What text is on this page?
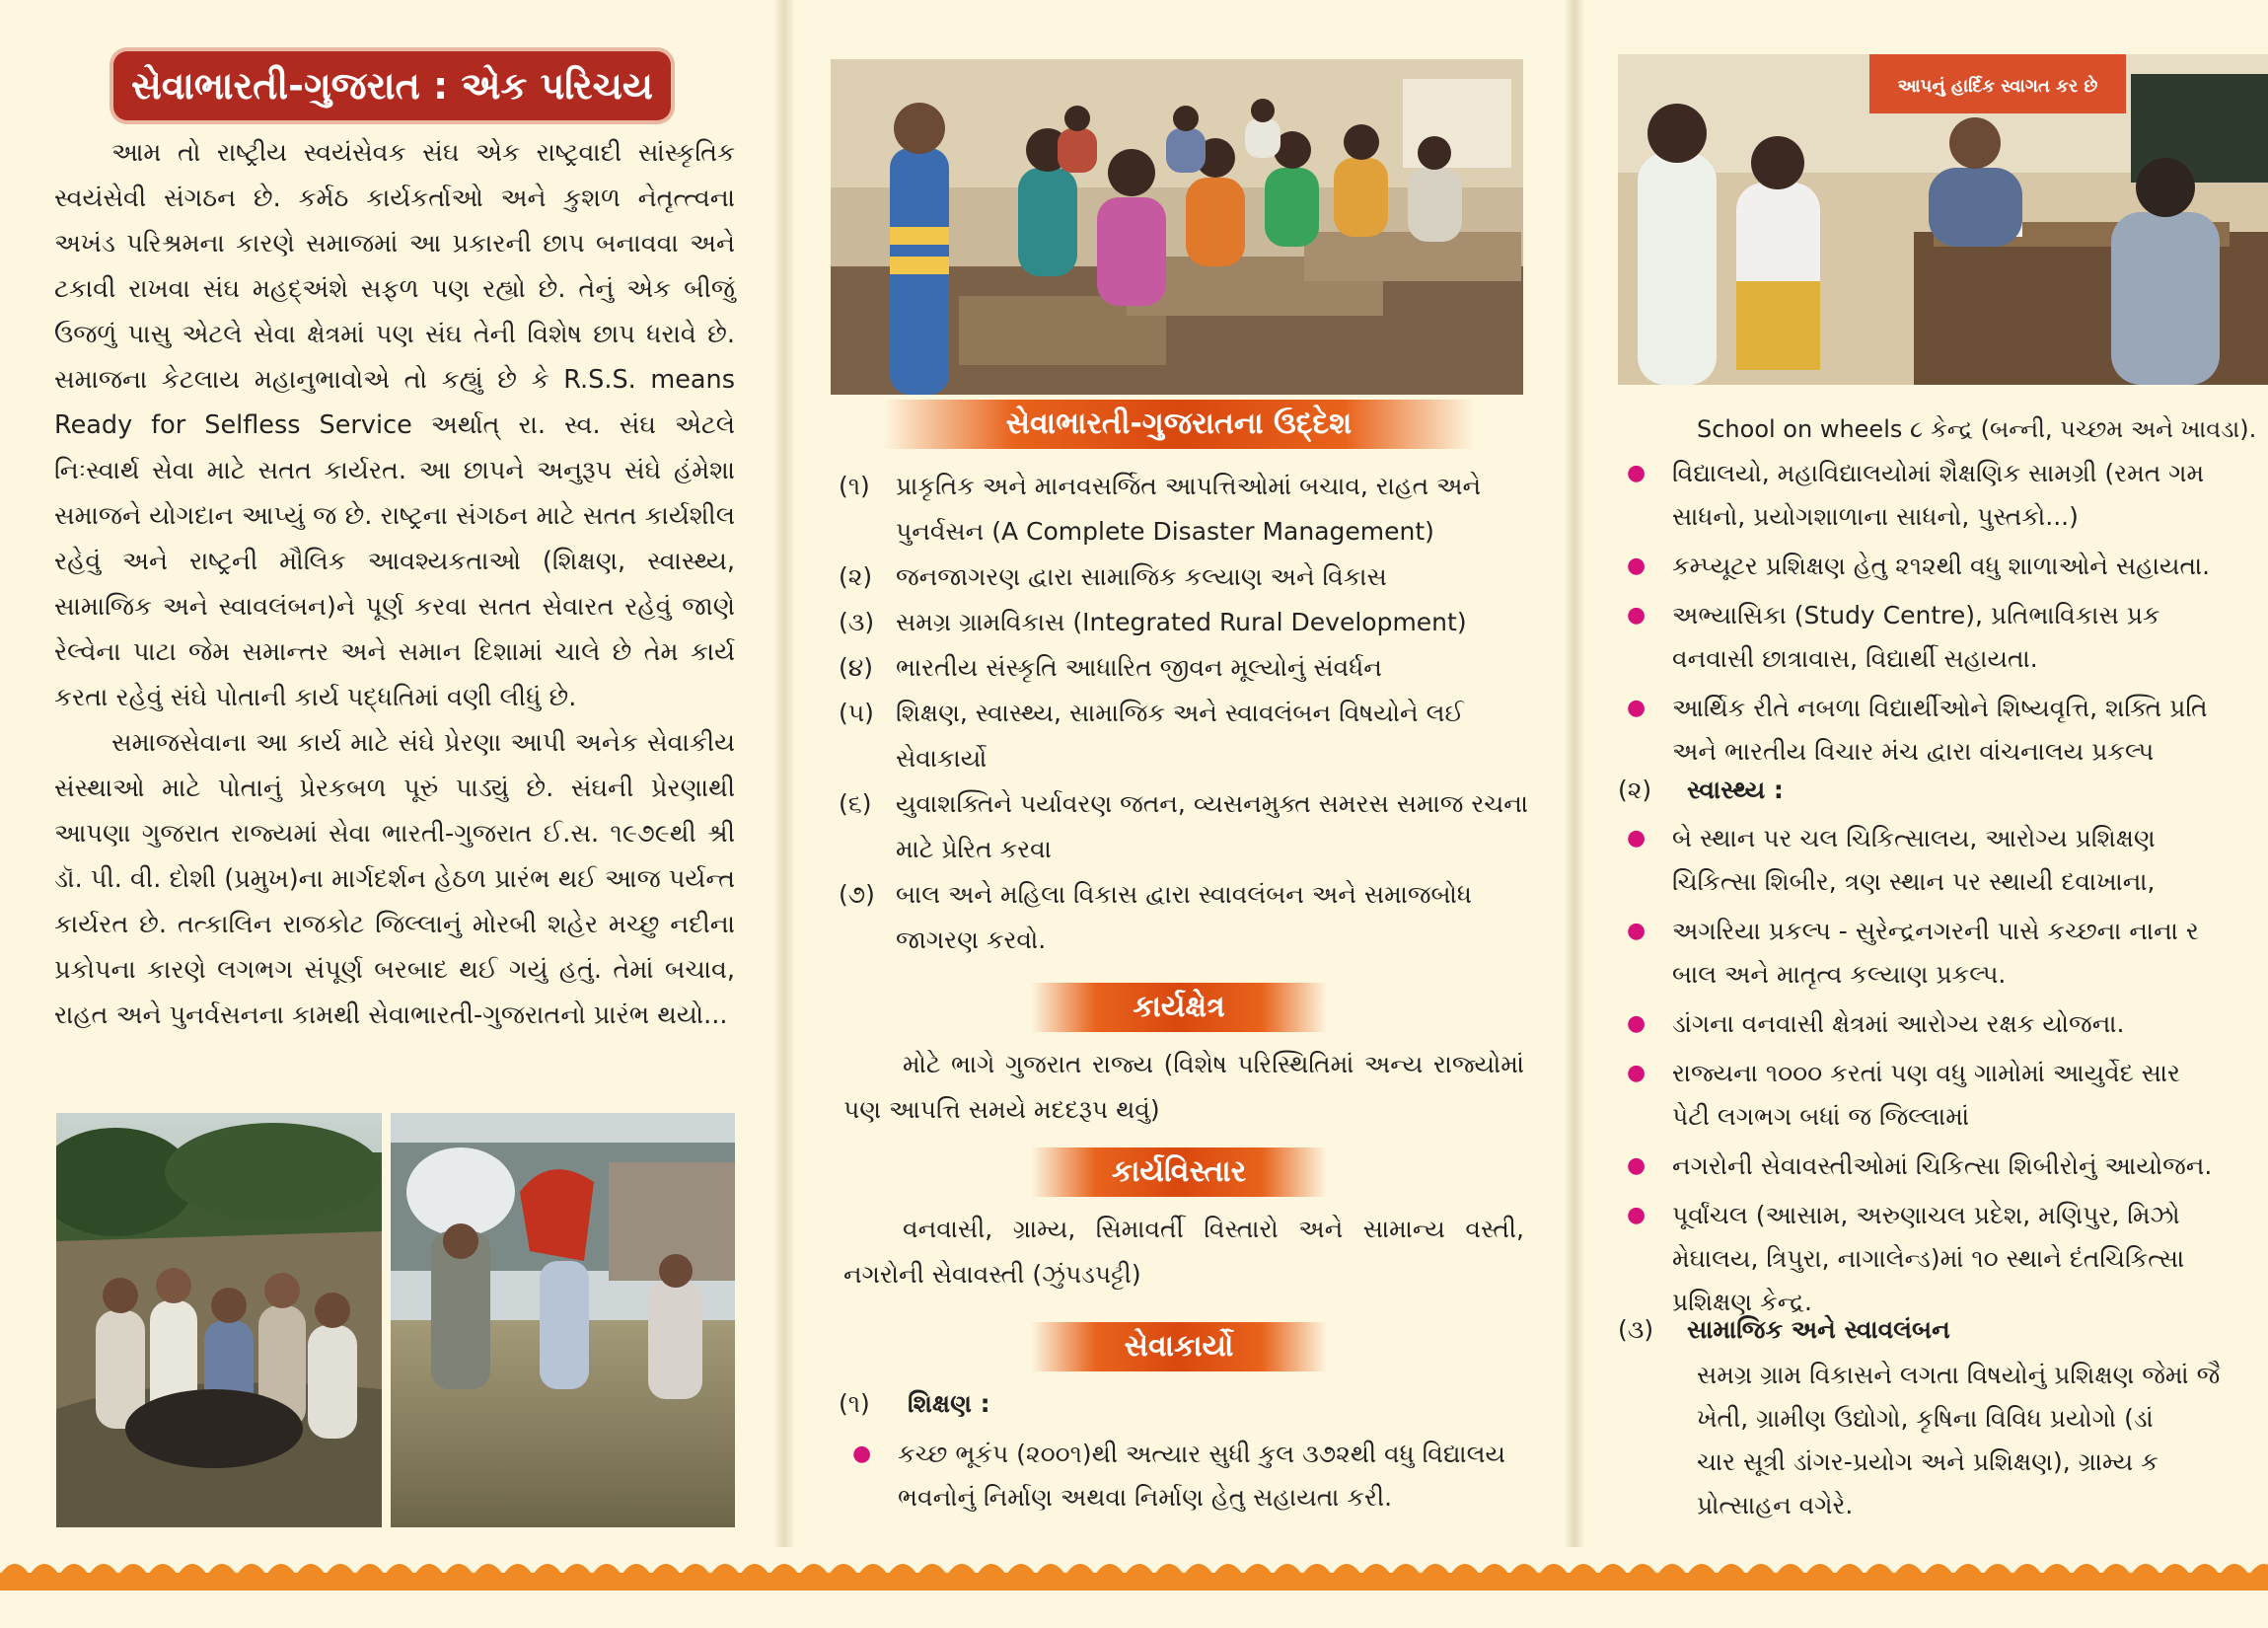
સેવાભારતી-ગુજરાત : એક પરિચય

આમ તો રાષ્ટ્રીય સ્વયંસેવક સંઘ એક રાષ્ટ્રવાદી સાંસ્કૃતિક સ્વયંસેવી સંગઠન છે. કર્મઠ કાર્યકર્તાઓ અને કુશળ નેતૃત્ત્વના અખંડ પરિશ્રમના કારણે સમાજમાં આ પ્રકારની છાપ બનાવવા અને ટકાવી રાખવા સંઘ મહદ્અંશે સફળ પણ રહ્યો છે. તેનું એક બીજું ઉજળું પાસુ એટલે સેવા ક્ષેત્રમાં પણ સંઘ તેની વિશેષ છાપ ધરાવે છે. સમાજના કેટલાય મહાનુભાવોએ તો કહ્યું છે કે R.S.S. means Ready for Selfless Service અર્થાત્ રા. સ્વ. સંઘ એટલે નિઃસ્વાર્થ સેવા માટે સતત કાર્યરત. આ છાપને અનુરૂપ સંઘે હંમેશા સમાજને યોગદાન આપ્યું જ છે. રાષ્ટ્રના સંગઠન માટે સતત કાર્યશીલ રહેવું અને રાષ્ટ્રની મૌલિક આવશ્યકતાઓ (શિક્ષણ, સ્વાસ્થ્ય, સામાજિક અને સ્વાવલંબન)ને પૂર્ણ કરવા સતત સેવારત રહેવું જાણે રેલ્વેના પાટા જેમ સમાન્તર અને સમાન દિશામાં ચાલે છે તેમ કાર્ય કરતા રહેવું સંઘે પોતાની કાર્ય પદ્ધતિમાં વણી લીધું છે.

સમાજસેવાના આ કાર્ય માટે સંઘે પ્રેરણા આપી અનેક સેવાકીય સંસ્થાઓ માટે પોતાનું પ્રેરકબળ પૂરું પાડ્યું છે. સંઘની પ્રેરણાથી આપણા ગુજરાત રાજ્યમાં સેવા ભારતી-ગુજરાત ઈ.સ. ૧૯૭૯થી શ્રી ડૉ. પી. વી. દોશી (પ્રમુખ)ના માર્ગદર્શન હેઠળ પ્રારંભ થઈ આજ પર્યન્ત કાર્યરત છે. તત્કાલિન રાજકોટ જિલ્લાનું મોરબી શહેર મચ્છુ નદીના પ્રકોપના કારણે લગભગ સંપૂર્ણ બરબાદ થઈ ગયું હતું. તેમાં બચાવ, રાહત અને પુનર્વસનના કામથી સેવાભારતી-ગુજરાતનો પ્રારંભ થયો...

સેવાભારતી-ગુજરાતના ઉદ્દેશ
(૧)	પ્રાકૃતિક અને માનવસર્જિત આપત્તિઓમાં બચાવ, રાહત અને પુનર્વસન (A Complete Disaster Management)
(૨) જનજાગરણ દ્વારા સામાજિક કલ્યાણ અને વિકાસ
(૩) સમગ્ર ગ્રામવિકાસ (Integrated Rural Development)
(૪) ભારતીય સંસ્કૃતિ આધારિત જીવન મૂલ્યોનું સંવર્ધન
(૫) શિક્ષણ, સ્વાસ્થ્ય, સામાજિક અને સ્વાવલંબન વિષયોને લઈ સેવાકાર્યો
(૬) યુવાશક્તિને પર્યાવરણ જતન, વ્યસનમુક્ત સમરસ સમાજ રચના માટે પ્રેરિત કરવા
(૭) બાલ અને મહિલા વિકાસ દ્વારા સ્વાવલંબન અને સમાજબોધ જાગરણ કરવો.
કાર્યક્ષેત્ર
મોટે ભાગે ગુજરાત રાજ્ય (વિશેષ પરિસ્થિતિમાં અન્ય રાજ્યોમાં પણ આપત્તિ સમયે મદદરૂપ થવું)
કાર્યવિસ્તાર
વનવાસી, ગ્રામ્ય, સિમાવર્તી વિસ્તારો અને સામાન્ય વસ્તી, નગરોની સેવાવસ્તી (ઝુંપડપટ્ટી)
સેવાકાર્યો
(૧)	શિક્ષણ :
●	કચ્છ ભૂકંપ (૨૦૦૧)થી અત્યાર સુધી કુલ ૩૭૨થી વધુ વિદ્યાલય ભવનોનું નિર્માણ અથવા નિર્માણ હેતુ સહાયતા કરી.
આપનું હાર્દિક સ્વાગત કર છે
School on wheels ૮ કેન્દ્ર (બન્ની, પચ્છમ અને ખાવડા).
●	વિદ્યાલયો, મહાવિદ્યાલયોમાં શૈક્ષણિક સામગ્રી (રમત ગમ
સાધનો, પ્રયોગશાળાના સાધનો, પુસ્તકો...)
●	કમ્પ્યૂટર પ્રશિક્ષણ હેતુ ૨૧૨થી વધુ શાળાઓને સહાયતા.
●	અભ્યાસિકા (Study Centre), પ્રતિભાવિકાસ પ્રક
વનવાસી છાત્રાવાસ, વિદ્યાર્થી સહાયતા.
●	આર્થિક રીતે નબળા વિદ્યાર્થીઓને શિષ્યવૃત્તિ, શક્તિ પ્રતિ
અને ભારતીય વિચાર મંચ દ્વારા વાંચનાલય પ્રકલ્પ
(૨)	સ્વાસ્થ્ય :
●	બે સ્થાન પર ચલ ચિકિત્સાલય, આરોગ્ય પ્રશિક્ષણ
ચિકિત્સા શિબીર, ત્રણ સ્થાન પર સ્થાયી દવાખાના,
●	અગરિયા પ્રકલ્પ - સુરેન્દ્રનગરની પાસે કચ્છના નાના ર
બાલ અને માતૃત્વ કલ્યાણ પ્રકલ્પ.
●	ડાંગના વનવાસી ક્ષેત્રમાં આરોગ્ય રક્ષક યોજના.
●	રાજ્યના ૧૦૦૦ કરતાં પણ વધુ ગામોમાં આયુર્વેદ સાર
પેટી લગભગ બધાં જ જિલ્લામાં
●	નગરોની સેવાવસ્તીઓમાં ચિકિત્સા શિબીરોનું આયોજન.
●	પૂર્વાંચલ (આસામ, અરુણાચલ પ્રદેશ, મણિપુર, મિઝો
મેઘાલય, ત્રિપુરા, નાગાલેન્ડ)માં ૧૦ સ્થાને દંતચિકિત્સા
પ્રશિક્ષણ કેન્દ્ર.
(૩)	સામાજિક અને સ્વાવલંબન
સમગ્ર ગ્રામ વિકાસને લગતા વિષયોનું પ્રશિક્ષણ જેમાં જૈ
ખેતી, ગ્રામીણ ઉદ્યોગો, કૃષિના વિવિધ પ્રયોગો (ડાં
ચાર સૂત્રી ડાંગર-પ્રયોગ અને પ્રશિક્ષણ), ગ્રામ્ય ક
પ્રોત્સાહન વગેરે.
